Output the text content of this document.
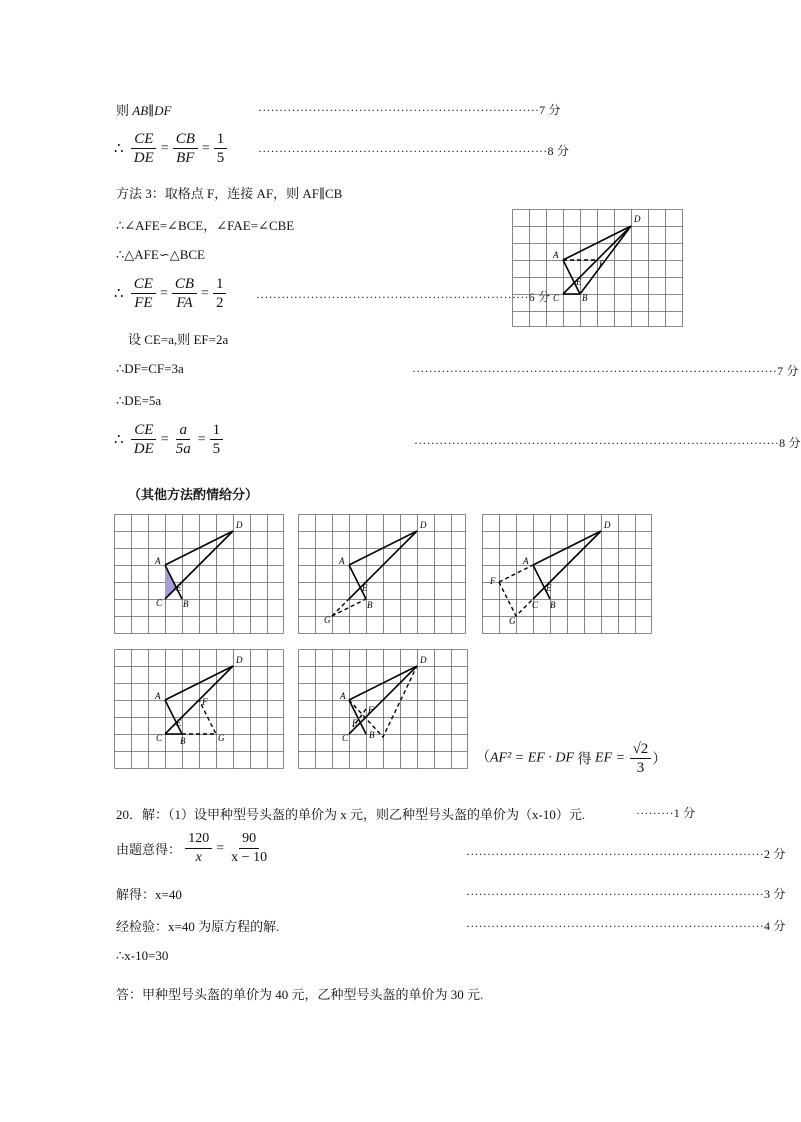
则 AB∥DF	···································································7 分
∴ $\frac{CE}{DE} = \frac{CB}{BF} = \frac{1}{5}$	·····································································8 分
方法 3：取格点 F，连接 AF，则 AF∥CB
∴∠AFE=∠BCE，∠FAE=∠CBE
∴△AFE∽△BCE
∴ $\frac{CE}{FE} = \frac{CB}{FA} = \frac{1}{2} \cdot\cdot\cdot\cdot\cdot\cdot\cdot\cdot\cdot\cdot\cdot\cdot\cdot\cdot\cdot\cdot\cdot\cdot\cdot\cdot\cdot\cdot\cdot\cdot\cdot\cdot\cdot\cdot\cdot\cdot\cdot\cdot\cdot\cdot\cdot\cdot\cdot\cdot\cdot\cdot\cdot\cdot\cdot\cdot\cdot\cdot\cdot\cdot\cdot\cdot\cdot\cdot\cdot\cdot\cdot\cdot\cdot\cdot\cdot\cdot\cdot\cdot\cdot\cdot\cdot 6$ 分
设 CE=a,则 EF=2a
∴DF=CF=3a	·······················································································7 分
∴DE=5a
∴ $\frac{CE}{DE} = \frac{a}{5a} = \frac{1}{5}$	·······················································································8 分
（其他方法酌情给分）
D
A
F
E
C	B
D
A
E
C B
D
A
E
B
G
D
A
F
E
C B
G
D
A
F
E
C B	G
D
A
F
E
C B
（AF² = EF · DF 得 EF = $\frac{√2}{3}$ ）
20．解：（1）设甲种型号头盔的单价为 x 元，则乙种型号头盔的单价为（x-10）元.	·········1 分
由题意得： $\frac{120}{x} = \frac{90}{x - 10}$	·······································································2 分
解得：x=40	·······································································3 分
经检验：x=40 为原方程的解.	·······································································4 分
∴x-10=30
答：甲种型号头盔的单价为 40 元，乙种型号头盔的单价为 30 元.
